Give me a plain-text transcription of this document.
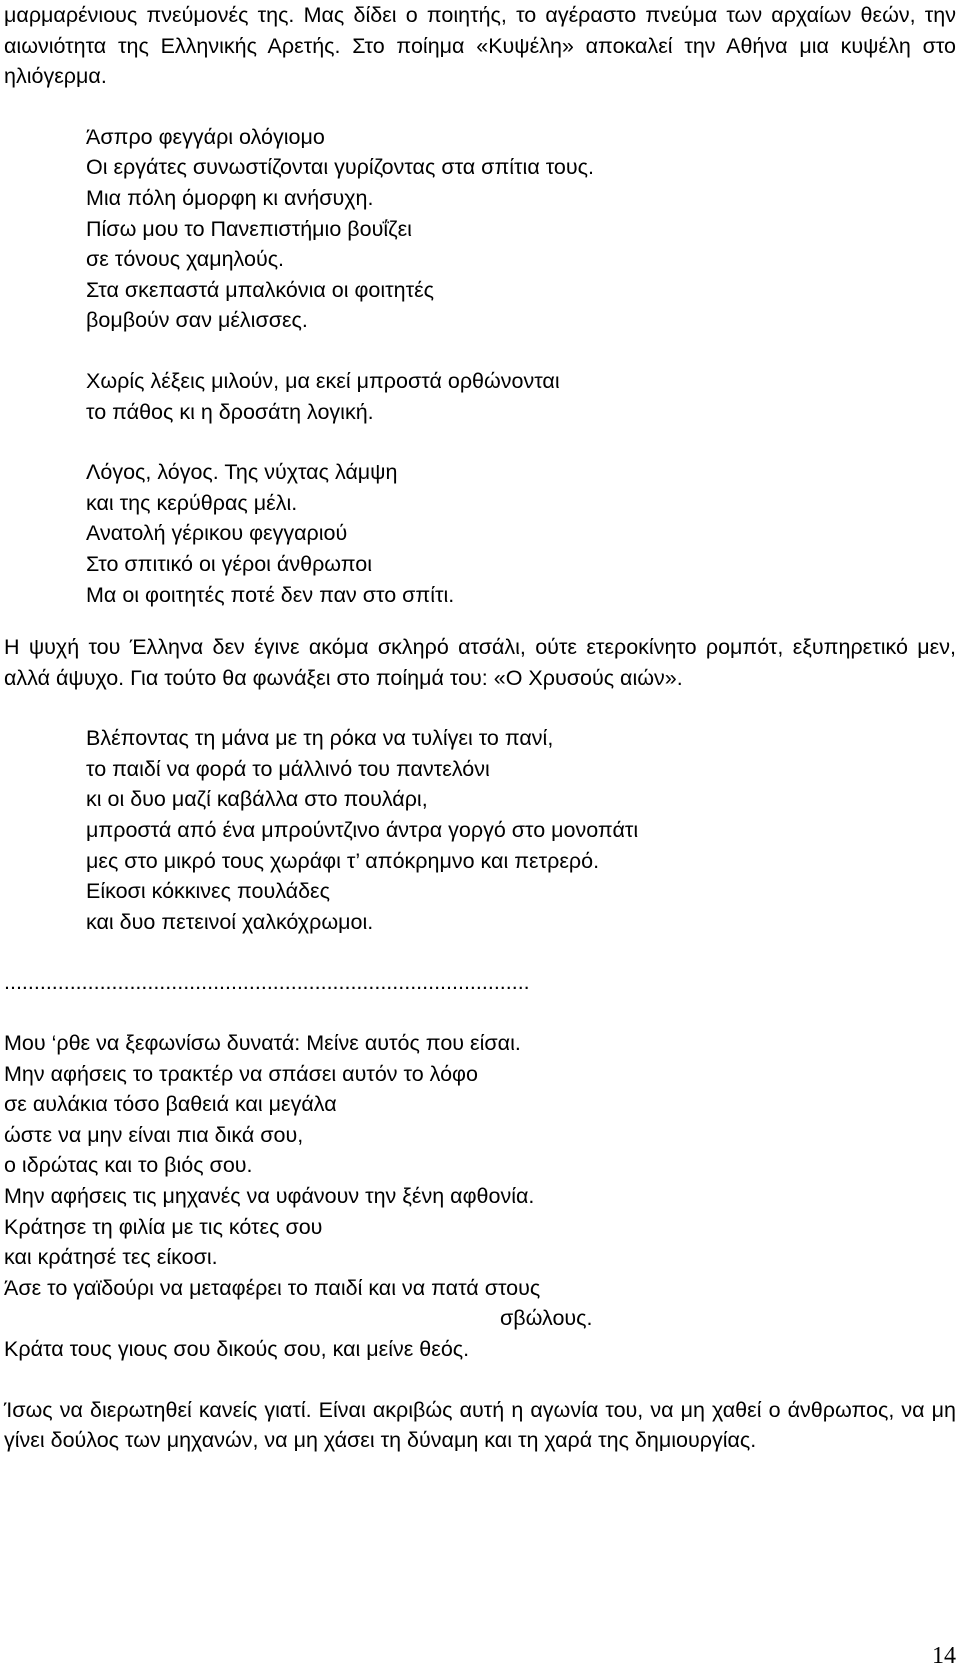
μαρμαρένιους πνεύμονές της. Μας δίδει ο ποιητής, το αγέραστο πνεύμα των αρχαίων θεών, την αιωνιότητα της Ελληνικής Αρετής. Στο ποίημα «Κυψέλη» αποκαλεί την Αθήνα μια κυψέλη στο ηλιόγερμα.

Άσπρο φεγγάρι ολόγιομο
Οι εργάτες συνωστίζονται γυρίζοντας στα σπίτια τους.
Μια πόλη όμορφη κι ανήσυχη.
Πίσω μου το Πανεπιστήμιο βουΐζει
σε τόνους χαμηλούς.
Στα σκεπαστά μπαλκόνια οι φοιτητές
βομβούν σαν μέλισσες.
Χωρίς λέξεις μιλούν, μα εκεί μπροστά ορθώνονται
το πάθος κι η δροσάτη λογική.
Λόγος, λόγος. Της νύχτας λάμψη
και της κερύθρας μέλι.
Ανατολή γέρικου φεγγαριού
Στο σπιτικό οι γέροι άνθρωποι
Μα οι φοιτητές ποτέ δεν παν στο σπίτι.

Η ψυχή του Έλληνα δεν έγινε ακόμα σκληρό ατσάλι, ούτε ετεροκίνητο ρομπότ, εξυπηρετικό μεν, αλλά άψυχο. Για τούτο θα φωνάξει στο ποίημά του: «Ο Χρυσούς αιών».

Βλέποντας τη μάνα με τη ρόκα να τυλίγει το πανί,
το παιδί να φορά το μάλλινό του παντελόνι
κι οι δυο μαζί καβάλλα στο πουλάρι,
μπροστά από ένα μπρούντζινο άντρα γοργό στο μονοπάτι
μες στο μικρό τους χωράφι τ’ απόκρημνο και πετρερό.
Είκοσι κόκκινες πουλάδες
και δυο πετεινοί χαλκόχρωμοι.
........................................................................................
Μου ‘ρθε να ξεφωνίσω δυνατά: Μείνε αυτός που είσαι.
Μην αφήσεις το τρακτέρ να σπάσει αυτόν το λόφο
σε αυλάκια τόσο βαθειά και μεγάλα
ώστε να μην είναι πια δικά σου,
ο ιδρώτας και το βιός σου.
Μην αφήσεις τις μηχανές να υφάνουν την ξένη αφθονία.
Κράτησε τη φιλία με τις κότες σου
και κράτησέ τες είκοσι.
Άσε το γαϊδούρι να μεταφέρει το παιδί και να πατά στους
σβώλους.
Κράτα τους γιους σου δικούς σου, και μείνε θεός.

Ίσως να διερωτηθεί κανείς γιατί. Είναι ακριβώς αυτή η αγωνία του, να μη χαθεί ο άνθρωπος, να μη γίνει δούλος των μηχανών, να μη χάσει τη δύναμη και τη χαρά της δημιουργίας.

14
